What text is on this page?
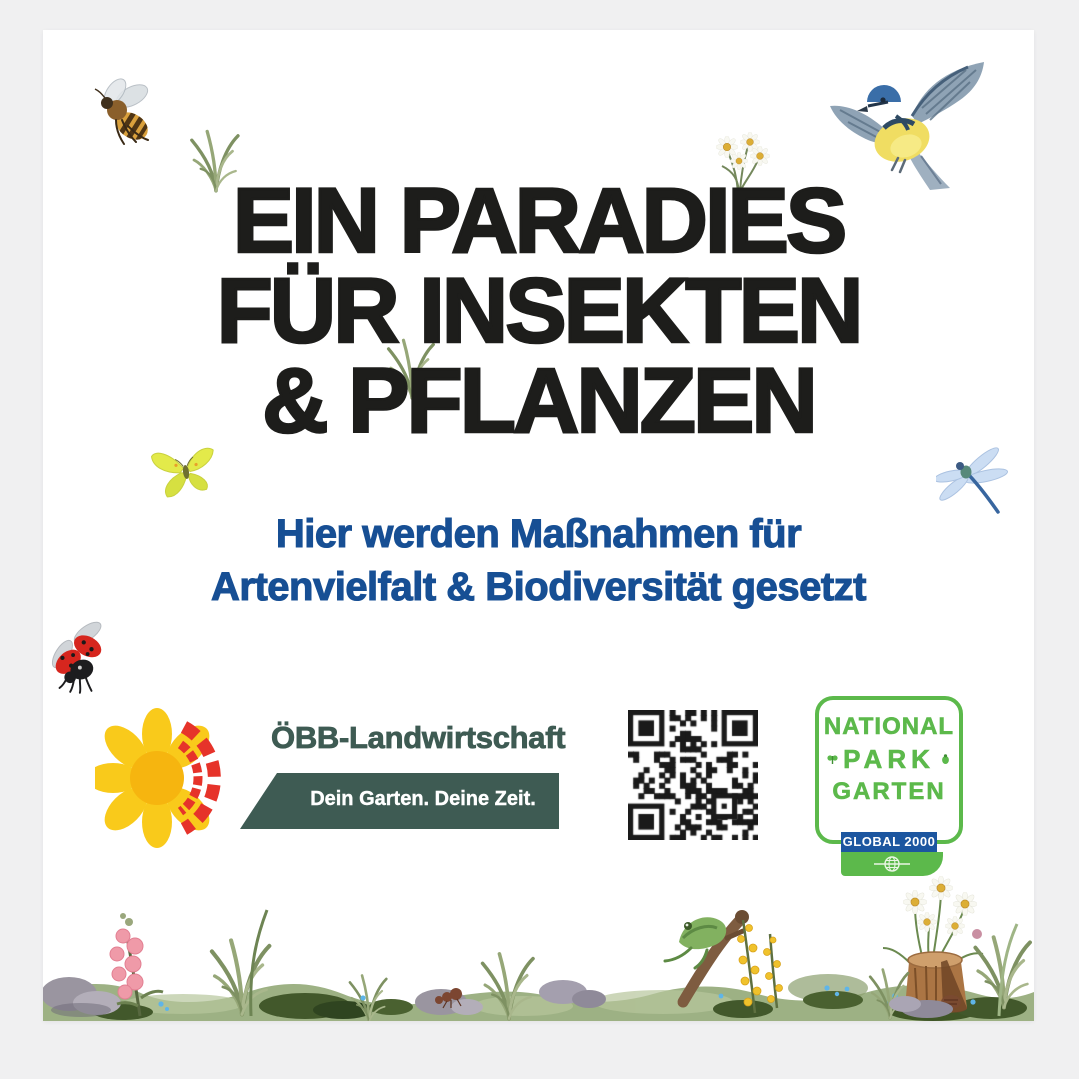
EIN PARADIES
FÜR INSEKTEN
& PFLANZEN
Hier werden Maßnahmen für
Artenvielfalt & Biodiversität gesetzt
ÖBB-Landwirtschaft
Dein Garten. Deine Zeit.
NATIONAL
PARK
GARTEN
GLOBAL 2000
